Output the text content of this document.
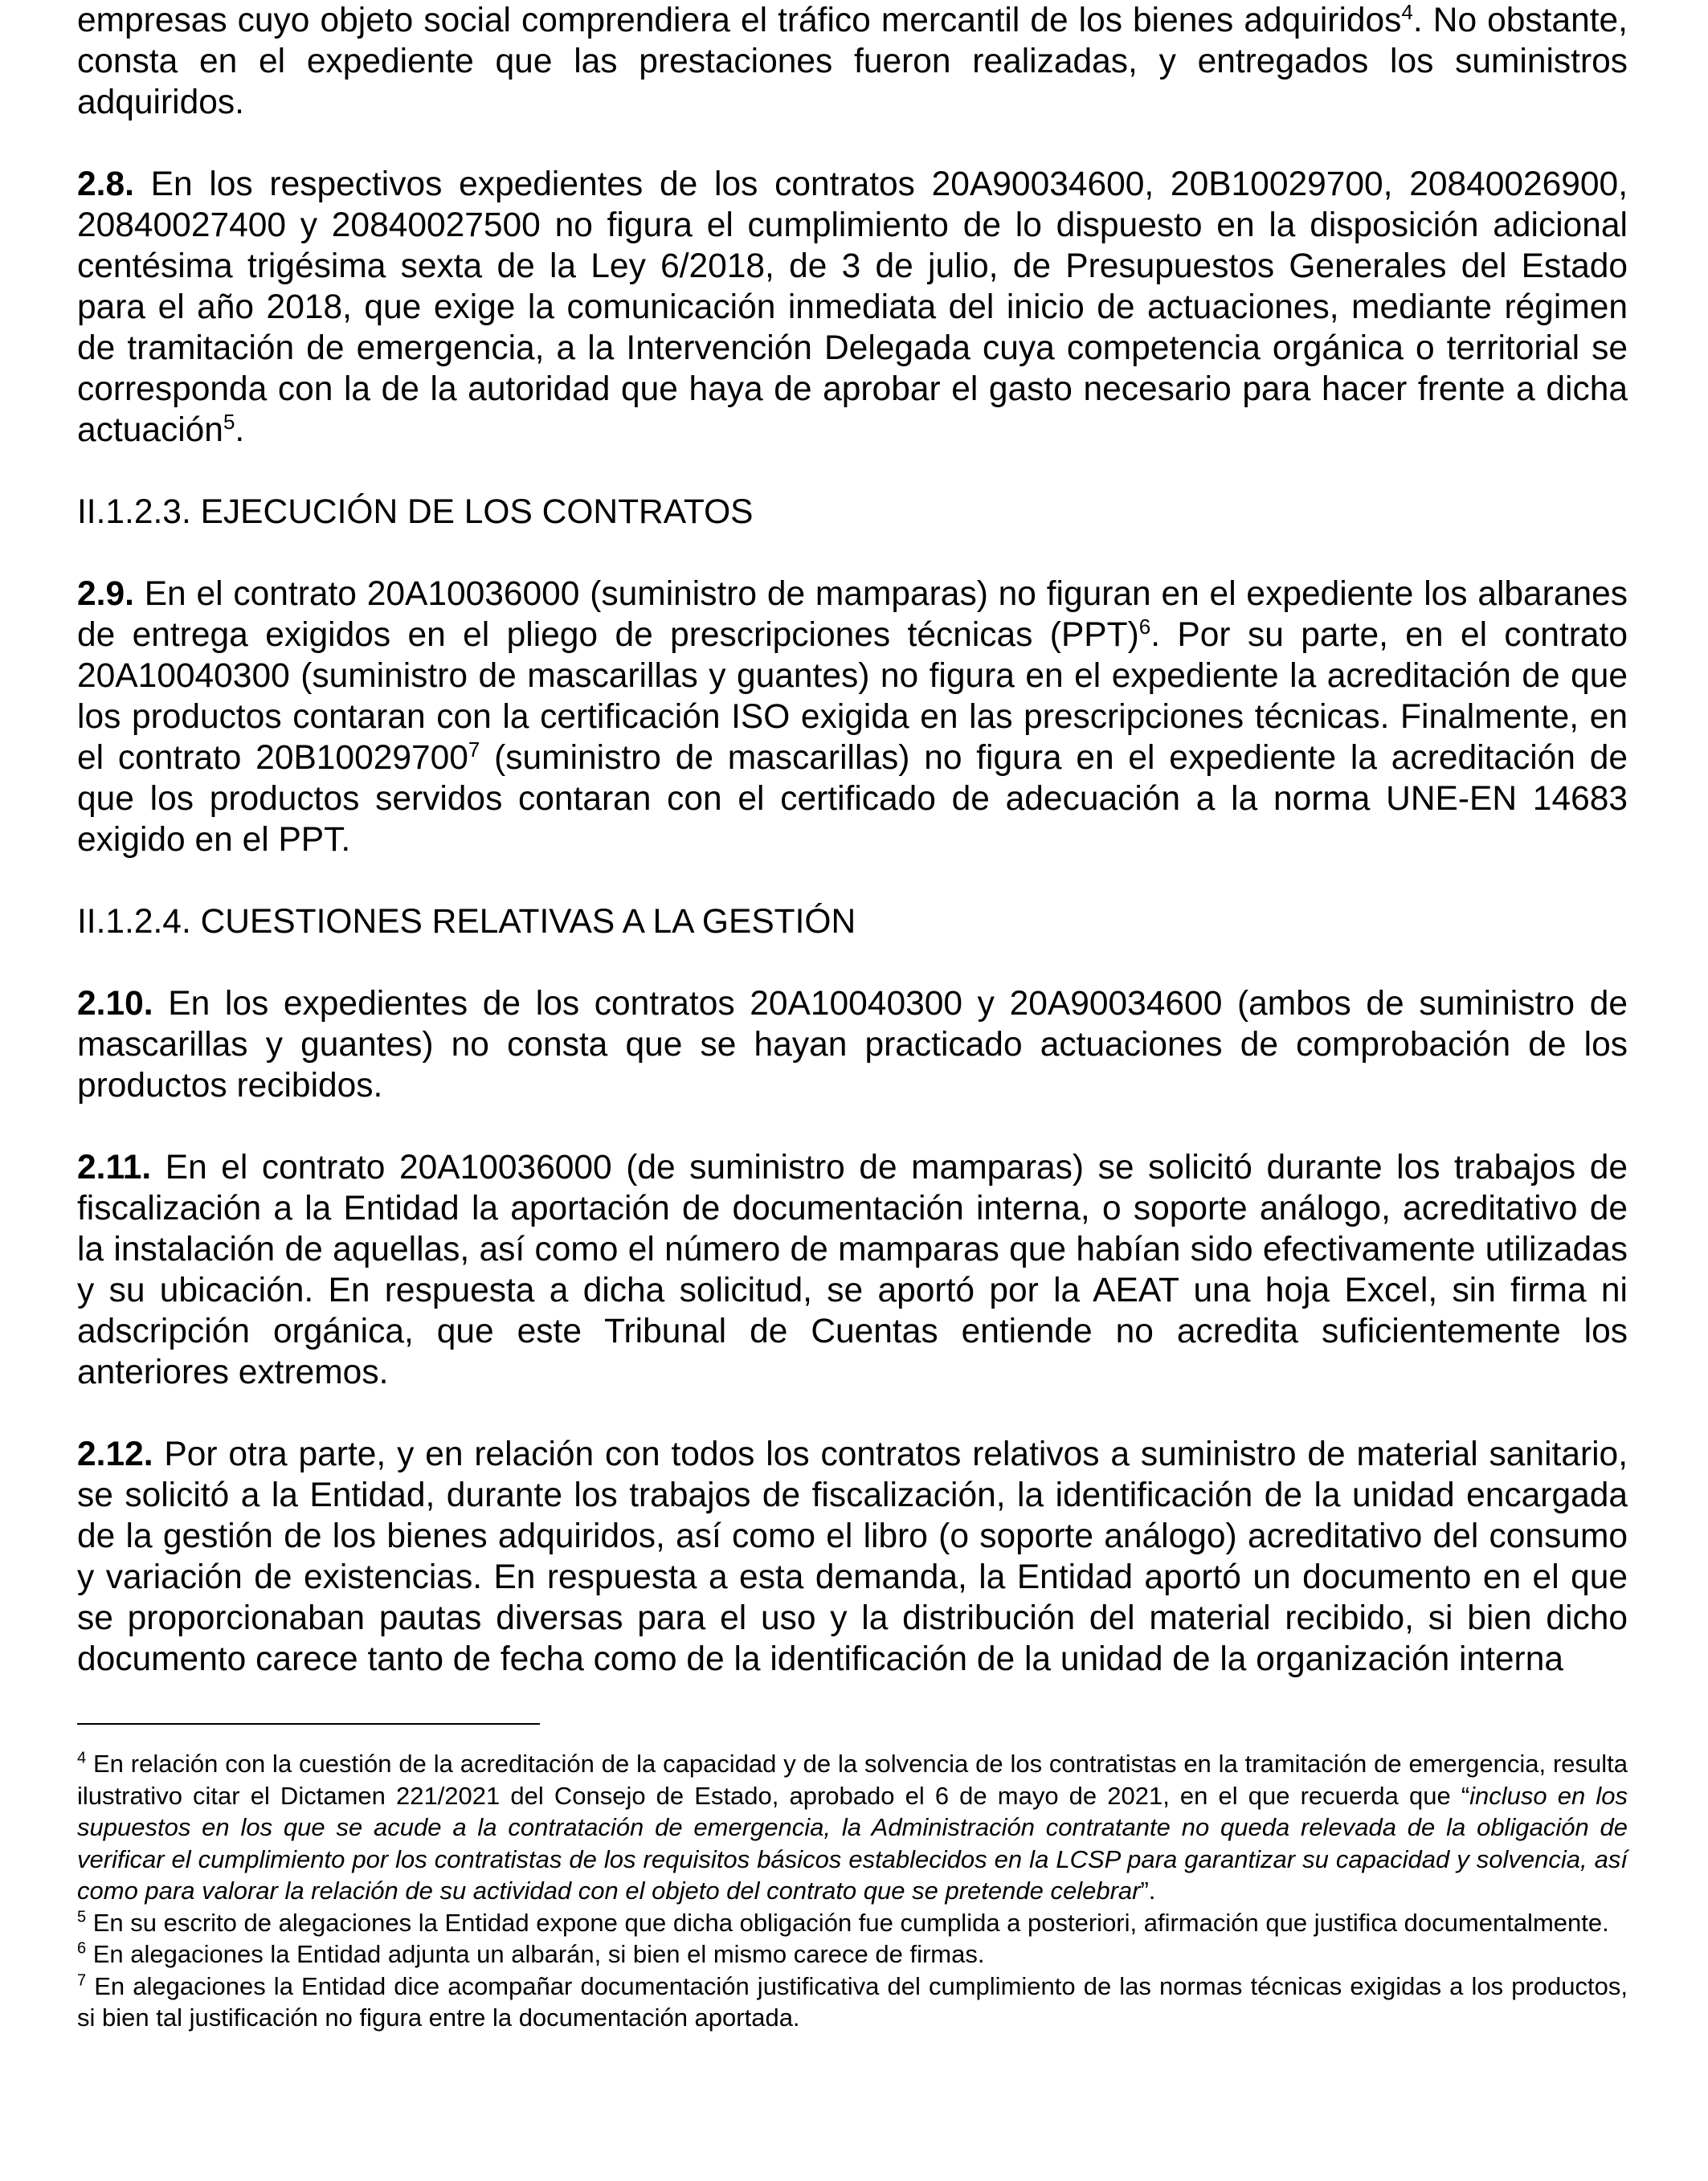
empresas cuyo objeto social comprendiera el tráfico mercantil de los bienes adquiridos$^4$. No obstante, consta en el expediente que las prestaciones fueron realizadas, y entregados los suministros adquiridos.

2.8. En los respectivos expedientes de los contratos 20A90034600, 20B10029700, 20840026900, 20840027400 y 20840027500 no figura el cumplimiento de lo dispuesto en la disposición adicional centésima trigésima sexta de la Ley 6/2018, de 3 de julio, de Presupuestos Generales del Estado para el año 2018, que exige la comunicación inmediata del inicio de actuaciones, mediante régimen de tramitación de emergencia, a la Intervención Delegada cuya competencia orgánica o territorial se corresponda con la de la autoridad que haya de aprobar el gasto necesario para hacer frente a dicha actuación$^5$.

II.1.2.3. EJECUCIÓN DE LOS CONTRATOS

2.9. En el contrato 20A10036000 (suministro de mamparas) no figuran en el expediente los albaranes de entrega exigidos en el pliego de prescripciones técnicas (PPT)$^6$. Por su parte, en el contrato 20A10040300 (suministro de mascarillas y guantes) no figura en el expediente la acreditación de que los productos contaran con la certificación ISO exigida en las prescripciones técnicas. Finalmente, en el contrato 20B10029700$^7$ (suministro de mascarillas) no figura en el expediente la acreditación de que los productos servidos contaran con el certificado de adecuación a la norma UNE-EN 14683 exigido en el PPT.

II.1.2.4. CUESTIONES RELATIVAS A LA GESTIÓN

2.10. En los expedientes de los contratos 20A10040300 y 20A90034600 (ambos de suministro de mascarillas y guantes) no consta que se hayan practicado actuaciones de comprobación de los productos recibidos.

2.11. En el contrato 20A10036000 (de suministro de mamparas) se solicitó durante los trabajos de fiscalización a la Entidad la aportación de documentación interna, o soporte análogo, acreditativo de la instalación de aquellas, así como el número de mamparas que habían sido efectivamente utilizadas y su ubicación. En respuesta a dicha solicitud, se aportó por la AEAT una hoja Excel, sin firma ni adscripción orgánica, que este Tribunal de Cuentas entiende no acredita suficientemente los anteriores extremos.

2.12. Por otra parte, y en relación con todos los contratos relativos a suministro de material sanitario, se solicitó a la Entidad, durante los trabajos de fiscalización, la identificación de la unidad encargada de la gestión de los bienes adquiridos, así como el libro (o soporte análogo) acreditativo del consumo y variación de existencias. En respuesta a esta demanda, la Entidad aportó un documento en el que se proporcionaban pautas diversas para el uso y la distribución del material recibido, si bien dicho documento carece tanto de fecha como de la identificación de la unidad de la organización interna

$^4$ En relación con la cuestión de la acreditación de la capacidad y de la solvencia de los contratistas en la tramitación de emergencia, resulta ilustrativo citar el Dictamen 221/2021 del Consejo de Estado, aprobado el 6 de mayo de 2021, en el que recuerda que “incluso en los supuestos en los que se acude a la contratación de emergencia, la Administración contratante no queda relevada de la obligación de verificar el cumplimiento por los contratistas de los requisitos básicos establecidos en la LCSP para garantizar su capacidad y solvencia, así como para valorar la relación de su actividad con el objeto del contrato que se pretende celebrar”.

$^5$ En su escrito de alegaciones la Entidad expone que dicha obligación fue cumplida a posteriori, afirmación que justifica documentalmente.

$^6$ En alegaciones la Entidad adjunta un albarán, si bien el mismo carece de firmas.

$^7$ En alegaciones la Entidad dice acompañar documentación justificativa del cumplimiento de las normas técnicas exigidas a los productos, si bien tal justificación no figura entre la documentación aportada.
